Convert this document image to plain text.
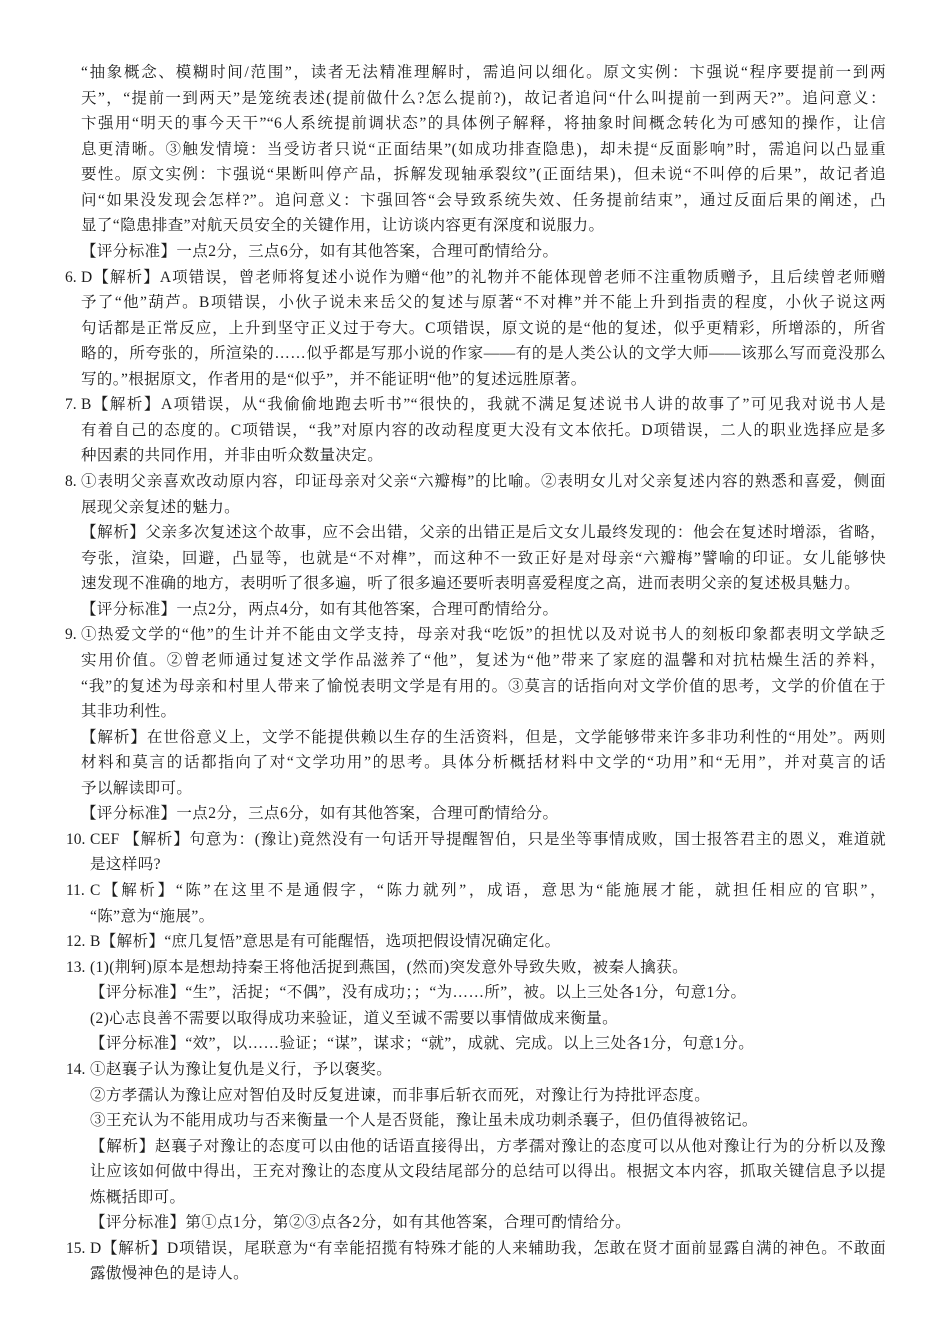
“抽象概念、模糊时间/范围”，读者无法精准理解时，需追问以细化。原文实例：卞强说“程序要提前一到两
天”，“提前一到两天”是笼统表述(提前做什么?怎么提前?)，故记者追问“什么叫提前一到两天?”。追问意义：
卞强用“明天的事今天干”“6人系统提前调状态”的具体例子解释，将抽象时间概念转化为可感知的操作，让信
息更清晰。③触发情境：当受访者只说“正面结果”(如成功排查隐患)，却未提“反面影响”时，需追问以凸显重
要性。原文实例：卞强说“果断叫停产品，拆解发现轴承裂纹”(正面结果)，但未说“不叫停的后果”，故记者追
问“如果没发现会怎样?”。追问意义：卞强回答“会导致系统失效、任务提前结束”，通过反面后果的阐述，凸
显了“隐患排查”对航天员安全的关键作用，让访谈内容更有深度和说服力。
【评分标准】一点2分，三点6分，如有其他答案，合理可酌情给分。
6. D【解析】A项错误，曾老师将复述小说作为赠“他”的礼物并不能体现曾老师不注重物质赠予，且后续曾老师赠
予了“他”葫芦。B项错误，小伙子说未来岳父的复述与原著“不对榫”并不能上升到指责的程度，小伙子说这两
句话都是正常反应，上升到坚守正义过于夸大。C项错误，原文说的是“他的复述，似乎更精彩，所增添的，所省
略的，所夸张的，所渲染的……似乎都是写那小说的作家——有的是人类公认的文学大师——该那么写而竟没那么
写的。”根据原文，作者用的是“似乎”，并不能证明“他”的复述远胜原著。
7. B【解析】A项错误，从“我偷偷地跑去听书”“很快的，我就不满足复述说书人讲的故事了”可见我对说书人是
有着自己的态度的。C项错误，“我”对原内容的改动程度更大没有文本依托。D项错误，二人的职业选择应是多
种因素的共同作用，并非由听众数量决定。
8. ①表明父亲喜欢改动原内容，印证母亲对父亲“六瓣梅”的比喻。②表明女儿对父亲复述内容的熟悉和喜爱，侧面
展现父亲复述的魅力。
【解析】父亲多次复述这个故事，应不会出错，父亲的出错正是后文女儿最终发现的：他会在复述时增添，省略，
夸张，渲染，回避，凸显等，也就是“不对榫”，而这种不一致正好是对母亲“六瓣梅”譬喻的印证。女儿能够快
速发现不准确的地方，表明听了很多遍，听了很多遍还要听表明喜爱程度之高，进而表明父亲的复述极具魅力。
【评分标准】一点2分，两点4分，如有其他答案，合理可酌情给分。
9. ①热爱文学的“他”的生计并不能由文学支持，母亲对我“吃饭”的担忧以及对说书人的刻板印象都表明文学缺乏
实用价值。②曾老师通过复述文学作品滋养了“他”，复述为“他”带来了家庭的温馨和对抗枯燥生活的养料，
“我”的复述为母亲和村里人带来了愉悦表明文学是有用的。③莫言的话指向对文学价值的思考，文学的价值在于
其非功利性。
【解析】在世俗意义上，文学不能提供赖以生存的生活资料，但是，文学能够带来许多非功利性的“用处”。两则
材料和莫言的话都指向了对“文学功用”的思考。具体分析概括材料中文学的“功用”和“无用”，并对莫言的话
予以解读即可。
【评分标准】一点2分，三点6分，如有其他答案，合理可酌情给分。
10. CEF 【解析】句意为：(豫让)竟然没有一句话开导提醒智伯，只是坐等事情成败，国士报答君主的恩义，难道就
是这样吗?
11. C【解析】“陈”在这里不是通假字，“陈力就列”，成语，意思为“能施展才能，就担任相应的官职”，
“陈”意为“施展”。
12. B【解析】“庶几复悟”意思是有可能醒悟，选项把假设情况确定化。
13. (1)(荆轲)原本是想劫持秦王将他活捉到燕国，(然而)突发意外导致失败，被秦人擒获。
【评分标准】“生”，活捉；“不偶”，没有成功；；“为……所”，被。以上三处各1分，句意1分。
(2)心志良善不需要以取得成功来验证，道义至诚不需要以事情做成来衡量。
【评分标准】“效”，以……验证；“谋”，谋求；“就”，成就、完成。以上三处各1分，句意1分。
14. ①赵襄子认为豫让复仇是义行，予以褒奖。
②方孝孺认为豫让应对智伯及时反复进谏，而非事后斩衣而死，对豫让行为持批评态度。
③王充认为不能用成功与否来衡量一个人是否贤能，豫让虽未成功刺杀襄子，但仍值得被铭记。
【解析】赵襄子对豫让的态度可以由他的话语直接得出，方孝孺对豫让的态度可以从他对豫让行为的分析以及豫
让应该如何做中得出，王充对豫让的态度从文段结尾部分的总结可以得出。根据文本内容，抓取关键信息予以提
炼概括即可。
【评分标准】第①点1分，第②③点各2分，如有其他答案，合理可酌情给分。
15. D【解析】D项错误，尾联意为“有幸能招揽有特殊才能的人来辅助我，怎敢在贤才面前显露自满的神色。不敢面
露傲慢神色的是诗人。
